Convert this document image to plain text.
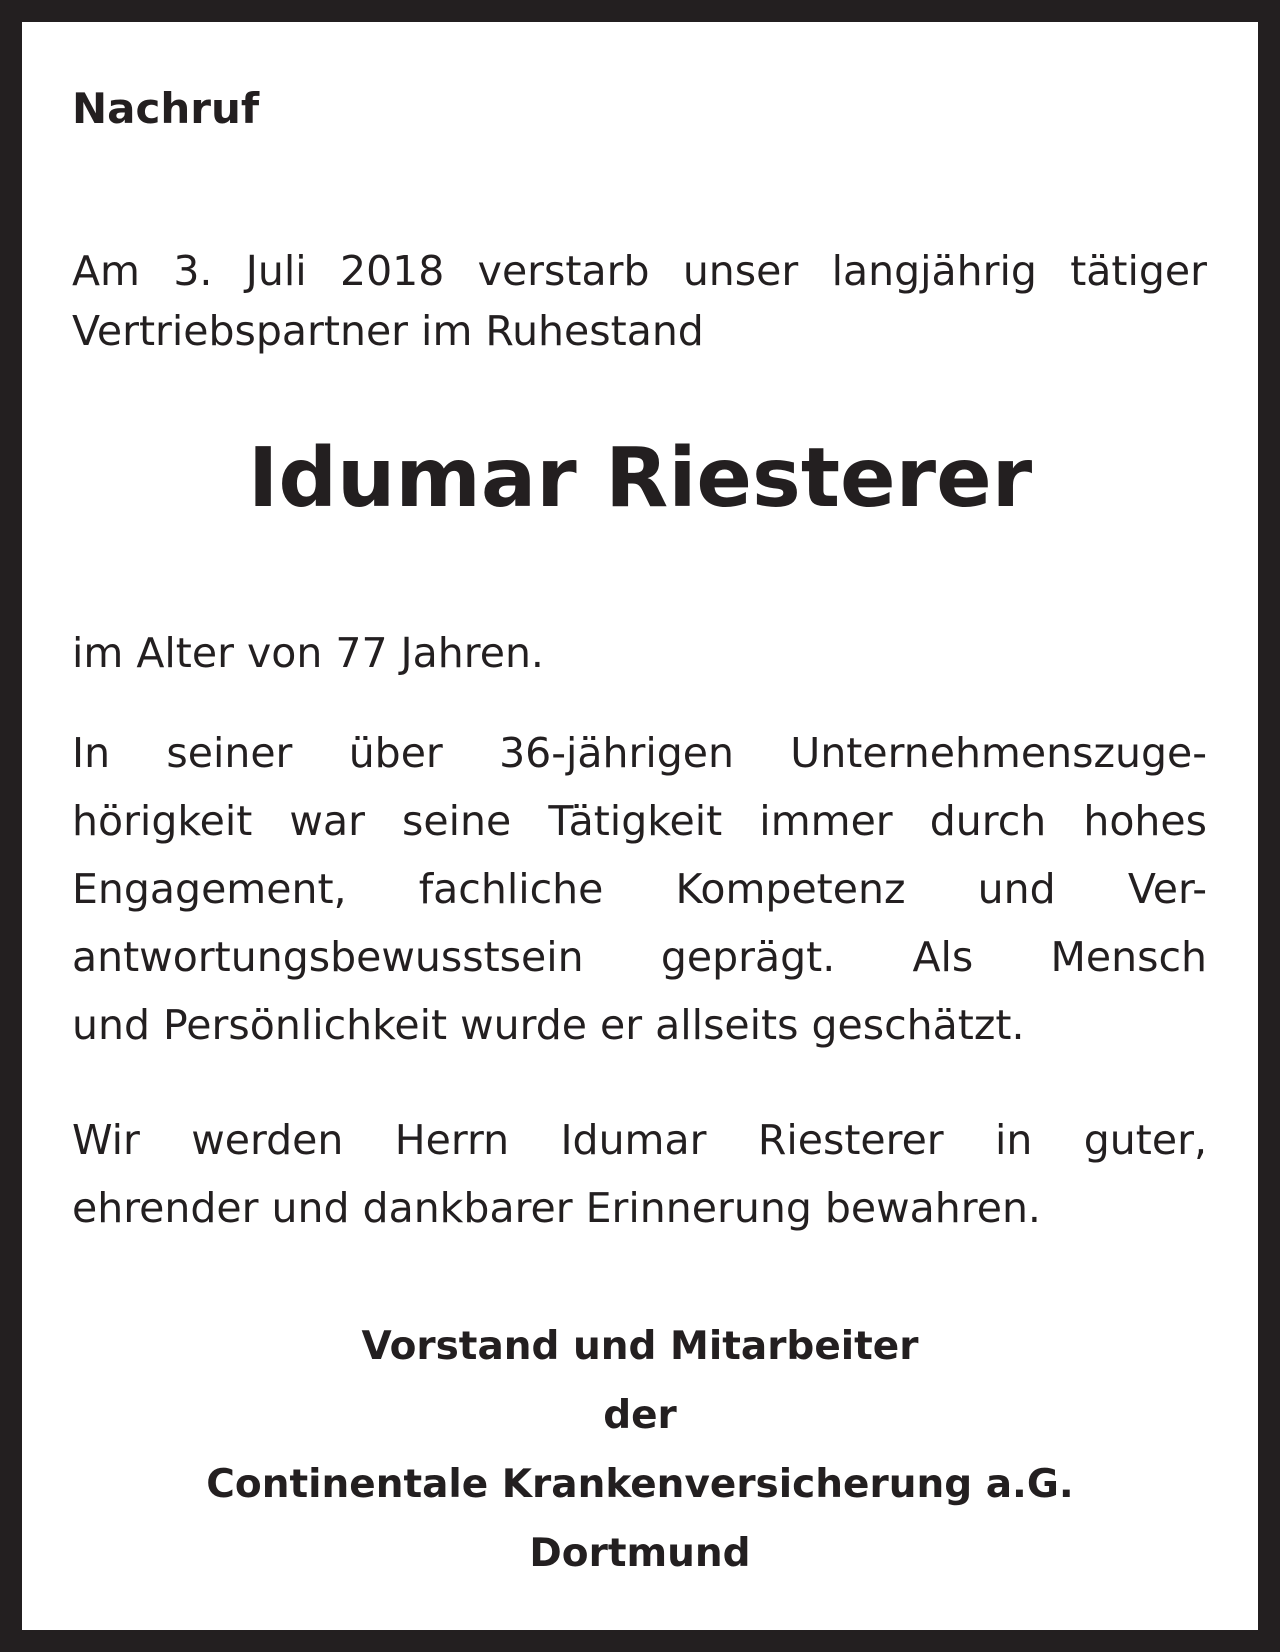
Nachruf

Am 3. Juli 2018 verstarb unser langjährig tätiger
Vertriebspartner im Ruhestand

Idumar Riesterer

im Alter von 77 Jahren.

In seiner über 36-jährigen Unternehmenszuge-
hörigkeit war seine Tätigkeit immer durch hohes
Engagement, fachliche Kompetenz und Ver-
antwortungsbewusstsein geprägt. Als Mensch
und Persönlichkeit wurde er allseits geschätzt.

Wir werden Herrn Idumar Riesterer in guter,
ehrender und dankbarer Erinnerung bewahren.

Vorstand und Mitarbeiter
der
Continentale Krankenversicherung a.G.
Dortmund
